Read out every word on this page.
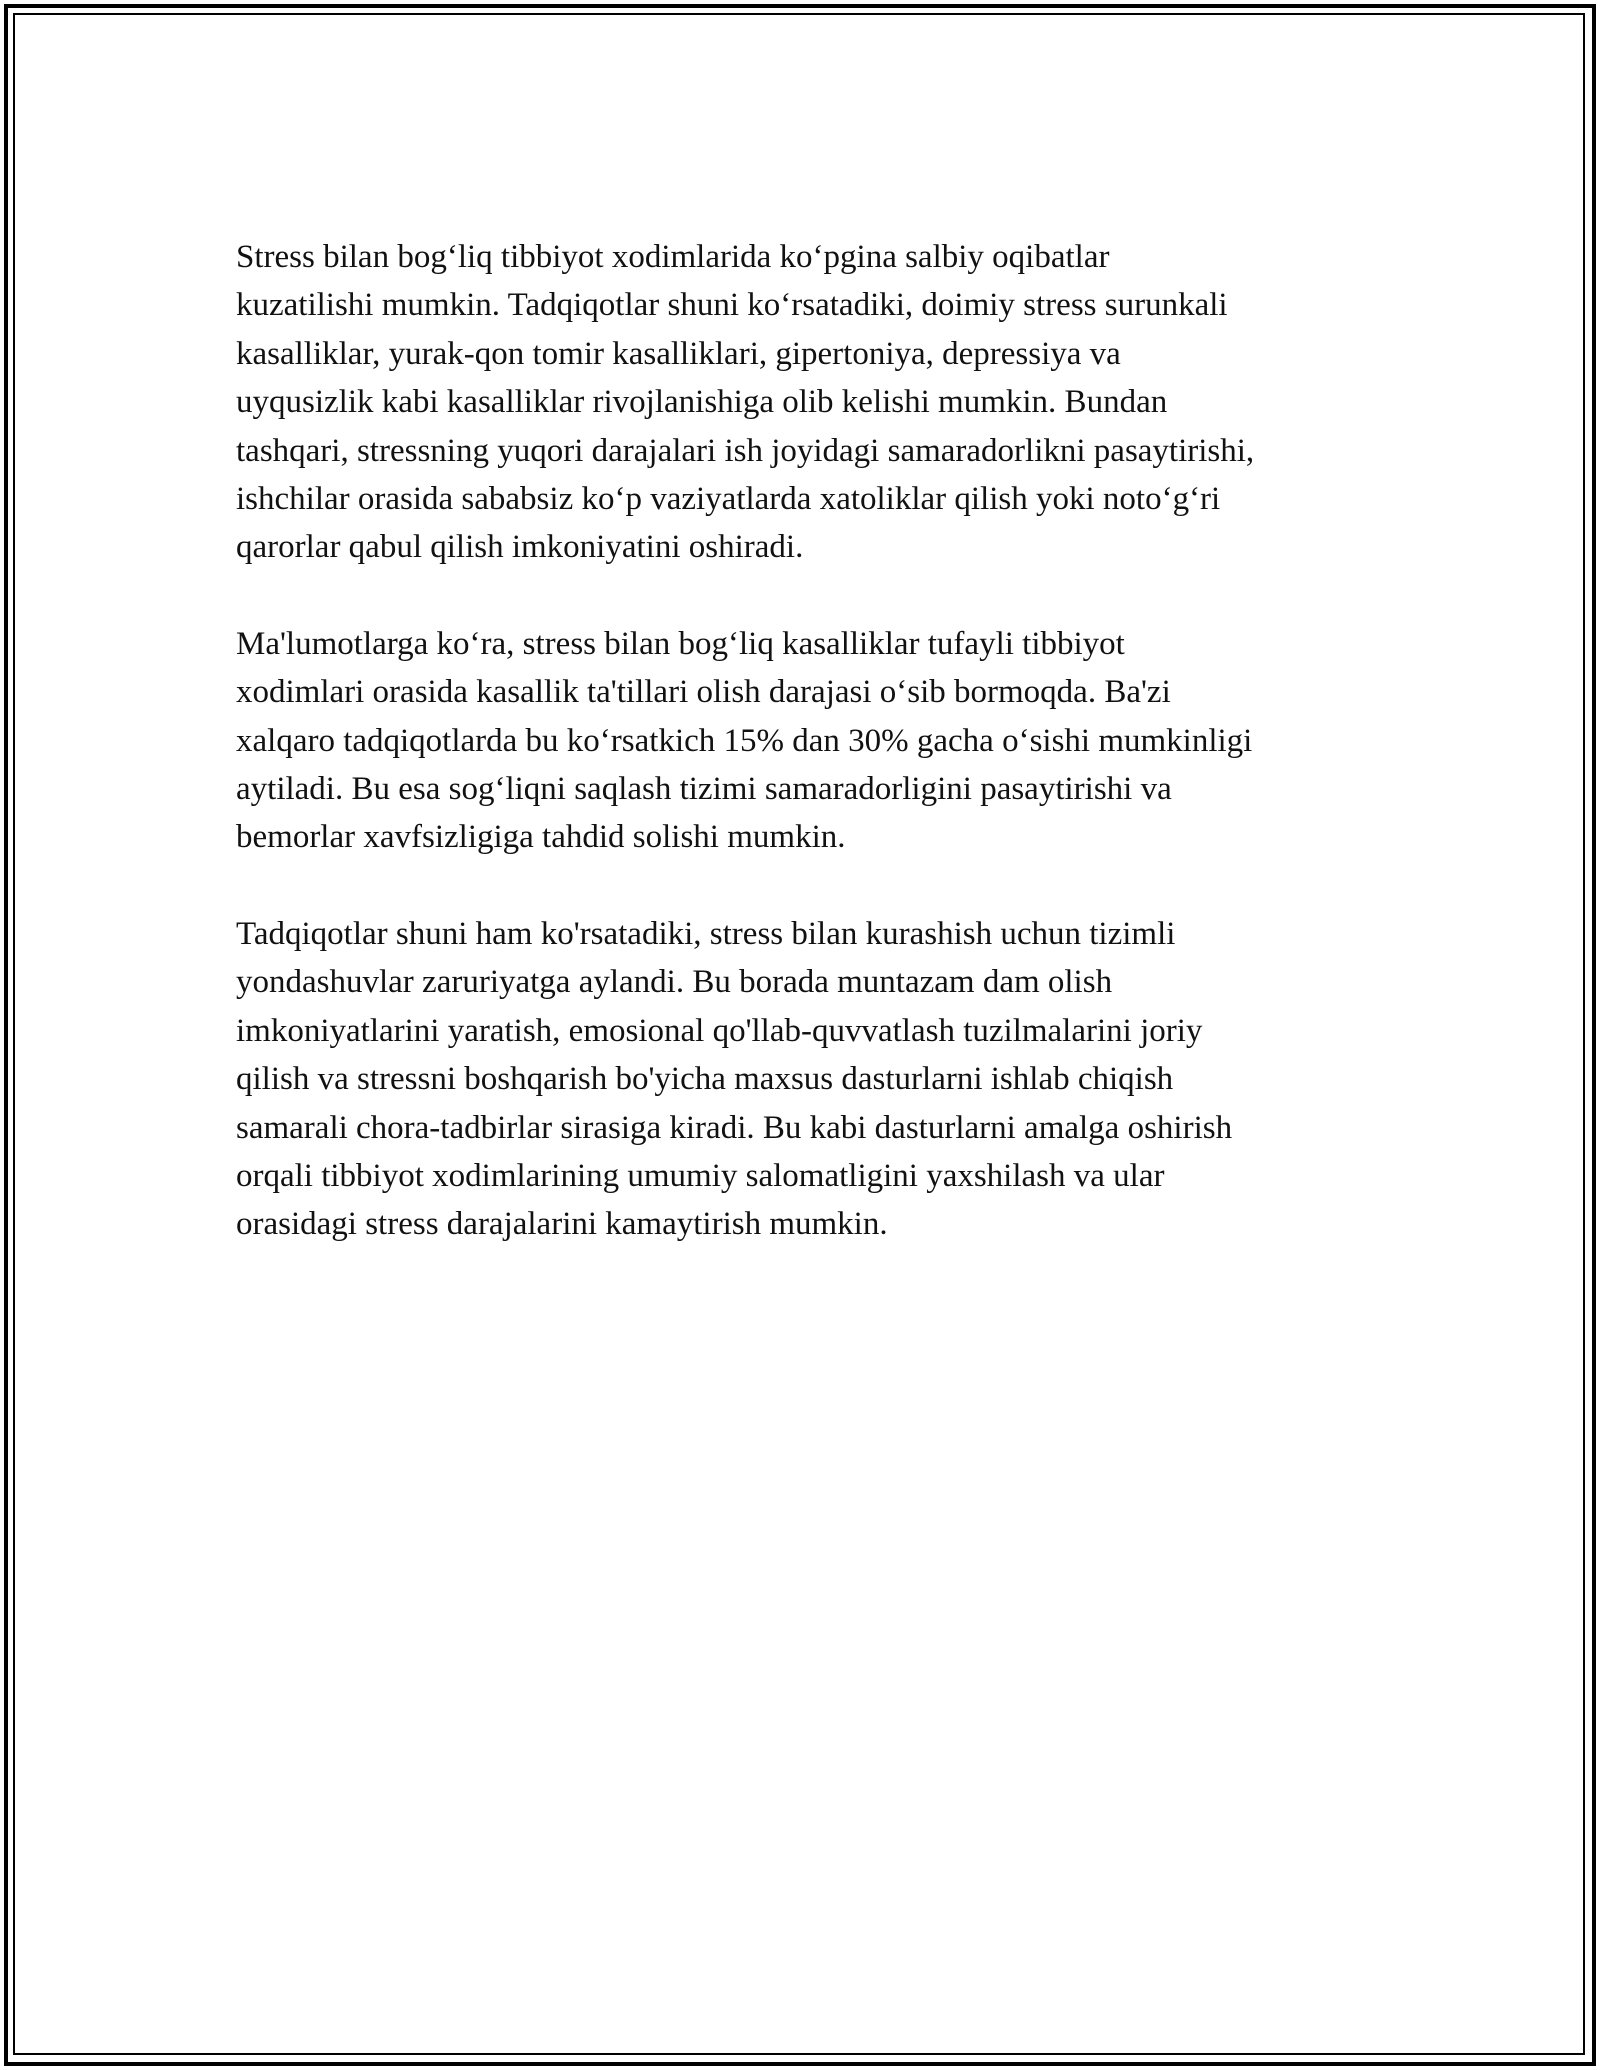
Stress bilan bog‘liq tibbiyot xodimlarida ko‘pgina salbiy oqibatlar
kuzatilishi mumkin. Tadqiqotlar shuni ko‘rsatadiki, doimiy stress surunkali
kasalliklar, yurak-qon tomir kasalliklari, gipertoniya, depressiya va
uyqusizlik kabi kasalliklar rivojlanishiga olib kelishi mumkin. Bundan
tashqari, stressning yuqori darajalari ish joyidagi samaradorlikni pasaytirishi,
ishchilar orasida sababsiz ko‘p vaziyatlarda xatoliklar qilish yoki noto‘g‘ri
qarorlar qabul qilish imkoniyatini oshiradi.

Ma'lumotlarga ko‘ra, stress bilan bog‘liq kasalliklar tufayli tibbiyot
xodimlari orasida kasallik ta'tillari olish darajasi o‘sib bormoqda. Ba'zi
xalqaro tadqiqotlarda bu ko‘rsatkich 15% dan 30% gacha o‘sishi mumkinligi
aytiladi. Bu esa sog‘liqni saqlash tizimi samaradorligini pasaytirishi va
bemorlar xavfsizligiga tahdid solishi mumkin.

Tadqiqotlar shuni ham ko'rsatadiki, stress bilan kurashish uchun tizimli
yondashuvlar zaruriyatga aylandi. Bu borada muntazam dam olish
imkoniyatlarini yaratish, emosional qo'llab-quvvatlash tuzilmalarini joriy
qilish va stressni boshqarish bo'yicha maxsus dasturlarni ishlab chiqish
samarali chora-tadbirlar sirasiga kiradi. Bu kabi dasturlarni amalga oshirish
orqali tibbiyot xodimlarining umumiy salomatligini yaxshilash va ular
orasidagi stress darajalarini kamaytirish mumkin.
